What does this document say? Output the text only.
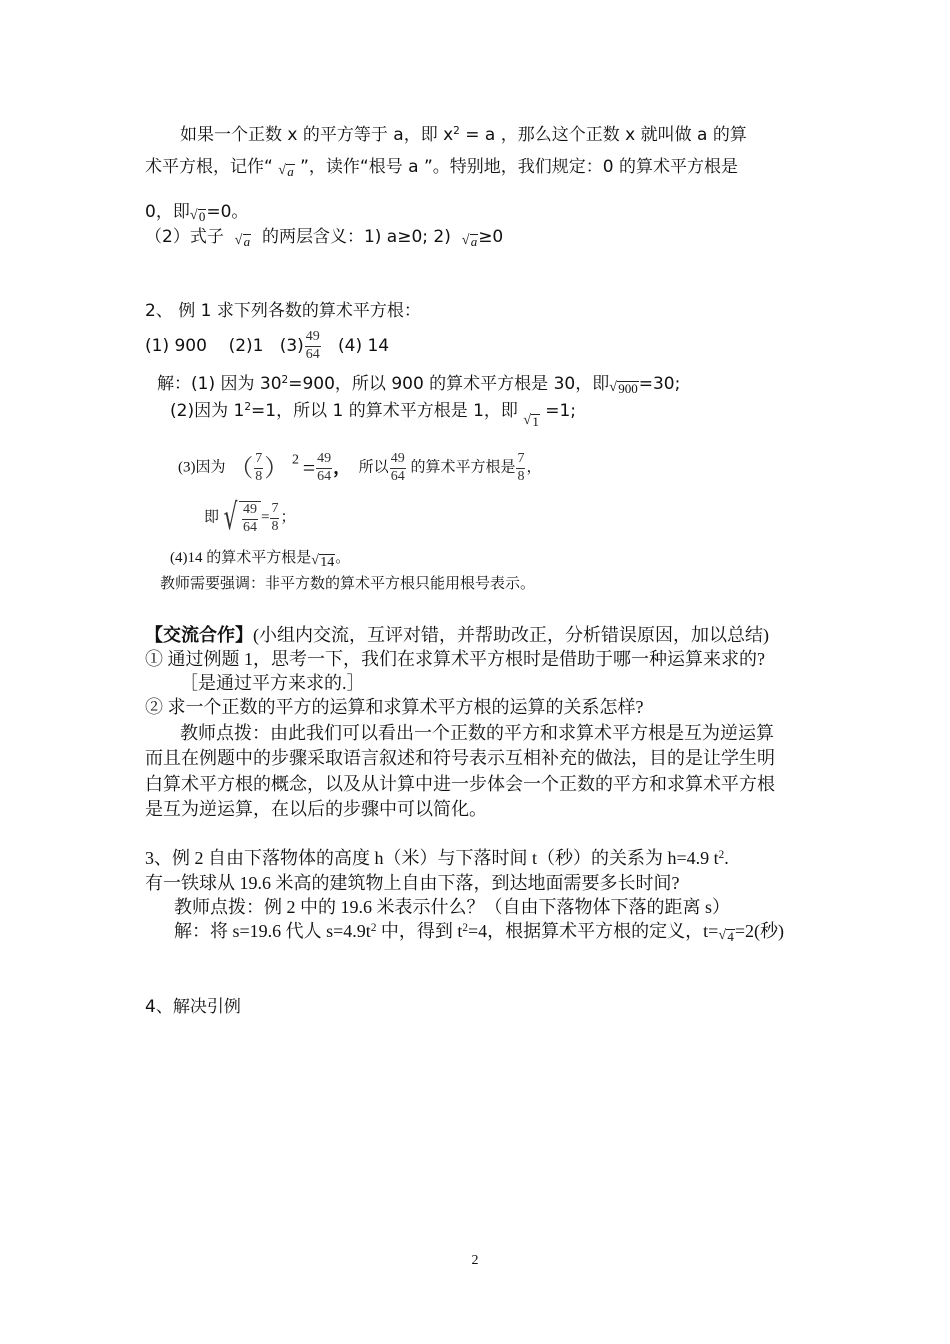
如果一个正数 x 的平方等于 a，即 $x^2 = a$ ，那么这个正数 x 就叫做 a 的算
术平方根，记作“ √ a ”，读作“根号 a ”。特别地，我们规定：0 的算术平方根是
0，即 √ 0=0。
（2）式子 √ a 的两层含义：1) a≥0; 2) √ a≥0
2、 例 1 求下列各数的算术平方根：
(1) 900 (2)1 $(3) \frac{49}{64} (4)$ 14
解：(1) 因为 $30^2=900$，所以 900 的算术平方根是 30，即 √ 900=30;
(2)因为 $1^2=1$，所以 1 的算术平方根是 1，即 √ 1 =1;
(3)因为 （ $\frac{7}{8}$ ） $^2 = \frac{49}{64}$ ， 所以 $\frac{49}{64}$ 的算术平方根是 $\frac{7}{8}$ ，
即 √ $\frac{49}{64} = \frac{7}{8}$ ；
(4)14 的算术平方根是 √ 14。
教师需要强调：非平方数的算术平方根只能用根号表示。
【交流合作】(小组内交流，互评对错，并帮助改正，分析错误原因，加以总结)
① 通过例题 1，思考一下，我们在求算术平方根时是借助于哪一种运算来求的?
［是通过平方来求的.］
② 求一个正数的平方的运算和求算术平方根的运算的关系怎样?
教师点拨：由此我们可以看出一个正数的平方和求算术平方根是互为逆运算
而且在例题中的步骤采取语言叙述和符号表示互相补充的做法，目的是让学生明
白算术平方根的概念，以及从计算中进一步体会一个正数的平方和求算术平方根
是互为逆运算，在以后的步骤中可以简化。
3、例 2 自由下落物体的高度 h（米）与下落时间 t（秒）的关系为 h=4.9 $t^2$.
有一铁球从 19.6 米高的建筑物上自由下落，到达地面需要多长时间?
教师点拨：例 2 中的 19.6 米表示什么？（自由下落物体下落的距离 s）
解：将 s=19.6 代人 $s=4.9t^2$ 中，得到 $t^2=4$，根据算术平方根的定义，t= √ 4=2(秒)
4、解决引例
2
